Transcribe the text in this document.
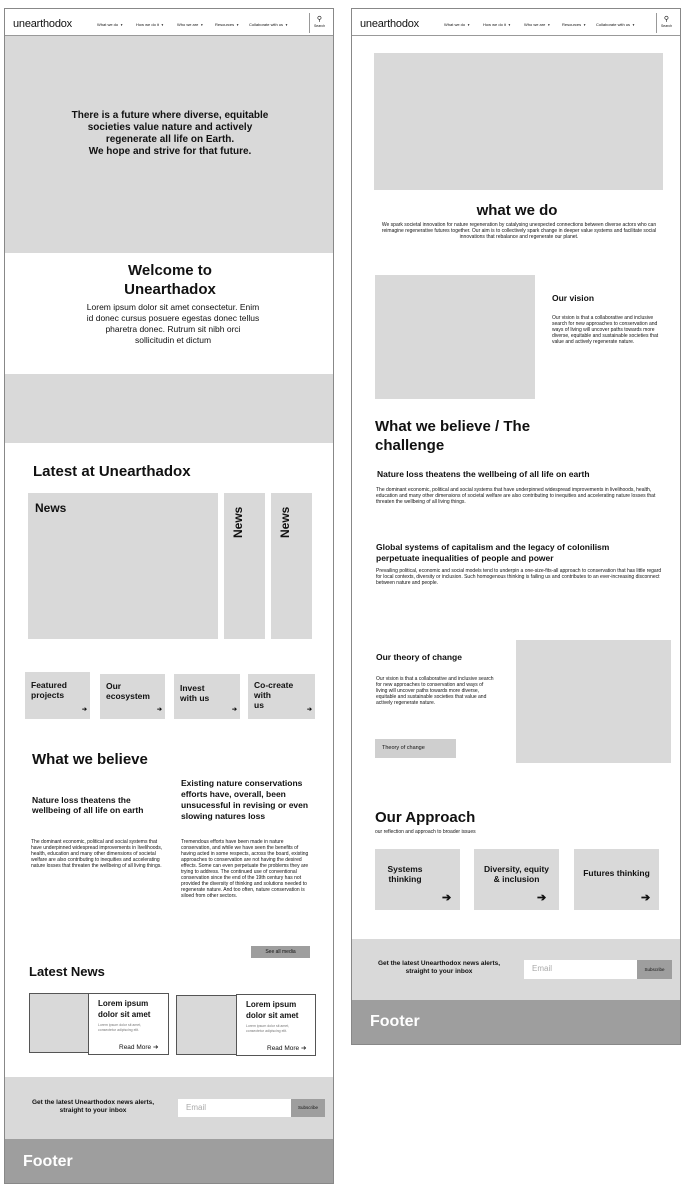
unearthodox	What we do ▼	How we do it ▼	Who we are ▼	Resources ▼ Collaborate with us ▼
⚲
Search
There is a future where diverse, equitable societies value nature and actively regenerate all life on Earth.
We hope and strive for that future.
Welcome to
Unearthadox
Lorem ipsum dolor sit amet consectetur. Enim id donec cursus posuere egestas donec tellus pharetra donec. Rutrum sit nibh orci sollicitudin et dictum
Latest at Unearthadox
News	News	News
Featured
projects
➔
Our
ecosystem
➔
Invest
with us
➔
Co-create
with
us	➔
What we believe
Nature loss theatens the wellbeing of all life on earth
The dominant economic, political and social systems that have underpinned widespread improvements in livelihoods, health, education and many other dimensions of societal welfare are also contributing to inequities and accelerating nature losses that threaten the wellbeing of all living things.
Existing nature conservations efforts have, overall, been unsucessful in revising or even slowing natures loss
Tremendous efforts have been made in nature conservation, and while we have seen the benefits of having acted in some respects, across the board, existing approaches to conservation are not having the desired effects. Some can even perpetuate the problems they are trying to address. The continued use of conventional conservation since the end of the 19th century has not provided the diversity of thinking and solutions needed to regenerate nature. And too often, nature conservation is siloed from other sectors.
See all media
Latest News
Lorem ipsum dolor sit amet
Lorem ipsum dolor sit amet, consectetur adipiscing elit.
Read More ➔
Lorem ipsum dolor sit amet
Lorem ipsum dolor sit amet, consectetur adipiscing elit.
Read More ➔
Get the latest Unearthodox news alerts, straight to your inbox	Email	Subscribe
Footer
unearthodox	What we do ▼	How we do it ▼	Who we are ▼	Resources ▼ Collaborate with us ▼
⚲
Search
what we do
We spark societal innovation for nature regeneration by catalysing unexpected connections between diverse actors who can reimagine regenerative futures together. Our aim is to collectively spark change in deeper value systems and facilitate social innovations that rebalance and regenerate our planet.
Our vision
Our vision is that a collaborative and inclusive search for new approaches to conservation and ways of living will uncover paths towards more diverse, equitable and sustainable societies that value and actively regenerate nature.
What we believe / The
challenge
Nature loss theatens the wellbeing of all life on earth
The dominant economic, political and social systems that have underpinned widespread improvements in livelihoods, health, education and many other dimensions of societal welfare are also contributing to inequities and accelerating nature losses that threaten the wellbeing of all living things.
Global systems of capitalism and the legacy of colonilism perpetuate inequalities of people and power
Prevailing political, economic and social models tend to underpin a one-size-fits-all approach to conservation that has little regard for local contexts, diversity or inclusion. Such homogenous thinking is failing us and contributes to an ever-increasing disconnect between nature and people.
Our theory of change
Our vision is that a collaborative and inclusive search for new approaches to conservation and ways of living will uncover paths towards more diverse, equitable and sustainable societies that value and actively regenerate nature.
Theory of change
Our Approach
our reflection and approach to broader issues
Systems
thinking
➔
Diversity, equity
& inclusion
➔
Futures thinking
➔
Get the latest Unearthodox news alerts, straight to your inbox	Email	Subscribe
Footer
